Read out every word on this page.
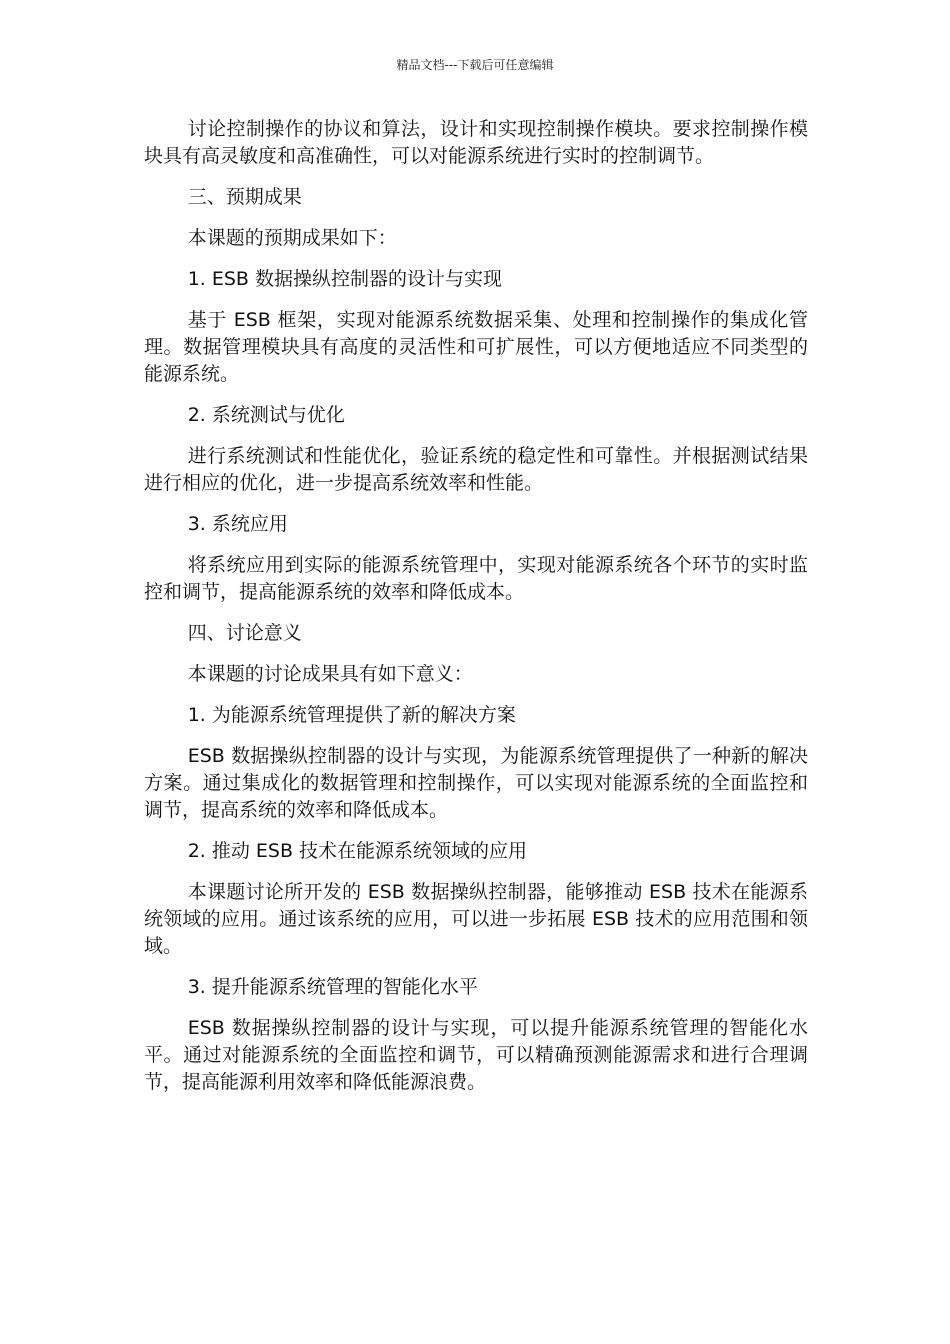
精品文档---下载后可任意编辑

讨论控制操作的协议和算法，设计和实现控制操作模块。要求控制操作模块具有高灵敏度和高准确性，可以对能源系统进行实时的控制调节。

三、预期成果

本课题的预期成果如下：

1. ESB 数据操纵控制器的设计与实现

基于 ESB 框架，实现对能源系统数据采集、处理和控制操作的集成化管理。数据管理模块具有高度的灵活性和可扩展性，可以方便地适应不同类型的能源系统。

2. 系统测试与优化

进行系统测试和性能优化，验证系统的稳定性和可靠性。并根据测试结果进行相应的优化，进一步提高系统效率和性能。

3. 系统应用

将系统应用到实际的能源系统管理中，实现对能源系统各个环节的实时监控和调节，提高能源系统的效率和降低成本。

四、讨论意义

本课题的讨论成果具有如下意义：

1. 为能源系统管理提供了新的解决方案

ESB 数据操纵控制器的设计与实现，为能源系统管理提供了一种新的解决方案。通过集成化的数据管理和控制操作，可以实现对能源系统的全面监控和调节，提高系统的效率和降低成本。

2. 推动 ESB 技术在能源系统领域的应用

本课题讨论所开发的 ESB 数据操纵控制器，能够推动 ESB 技术在能源系统领域的应用。通过该系统的应用，可以进一步拓展 ESB 技术的应用范围和领域。

3. 提升能源系统管理的智能化水平

ESB 数据操纵控制器的设计与实现，可以提升能源系统管理的智能化水平。通过对能源系统的全面监控和调节，可以精确预测能源需求和进行合理调节，提高能源利用效率和降低能源浪费。
